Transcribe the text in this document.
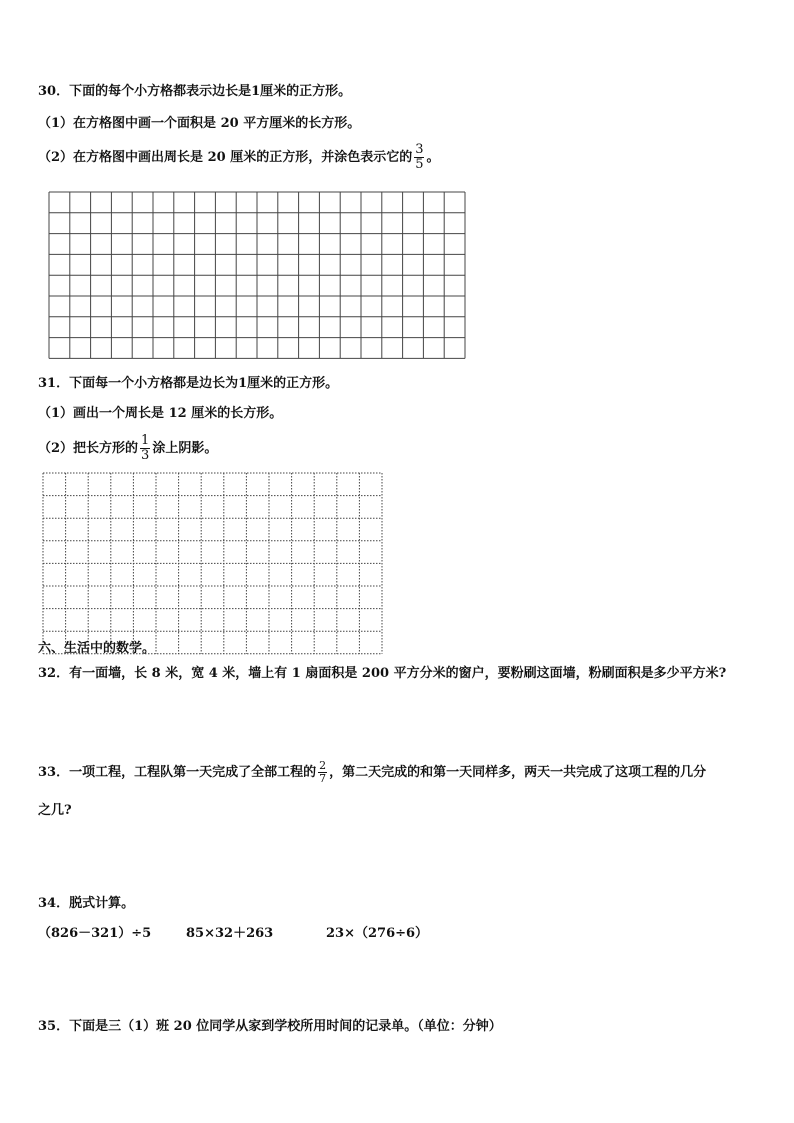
30．下面的每个小方格都表示边长是1厘米的正方形。
（1）在方格图中画一个面积是 20 平方厘米的长方形。
（2）在方格图中画出周长是 20 厘米的正方形，并涂色表示它的 $\frac{3}{5}$ 。
31．下面每一个小方格都是边长为1厘米的正方形。
（1）画出一个周长是 12 厘米的长方形。
（2）把长方形的 $\frac{1}{3}$ 涂上阴影。
六、生活中的数学。
32．有一面墙，长 8 米，宽 4 米，墙上有 1 扇面积是 200 平方分米的窗户，要粉刷这面墙，粉刷面积是多少平方米?
33．一项工程，工程队第一天完成了全部工程的 $\frac{2}{7}$ ，第二天完成的和第一天同样多，两天一共完成了这项工程的几分
之几?
34．脱式计算。
（826－321）÷5	85×32＋263	23×（276÷6）
35．下面是三（1）班 20 位同学从家到学校所用时间的记录单。（单位：分钟）
